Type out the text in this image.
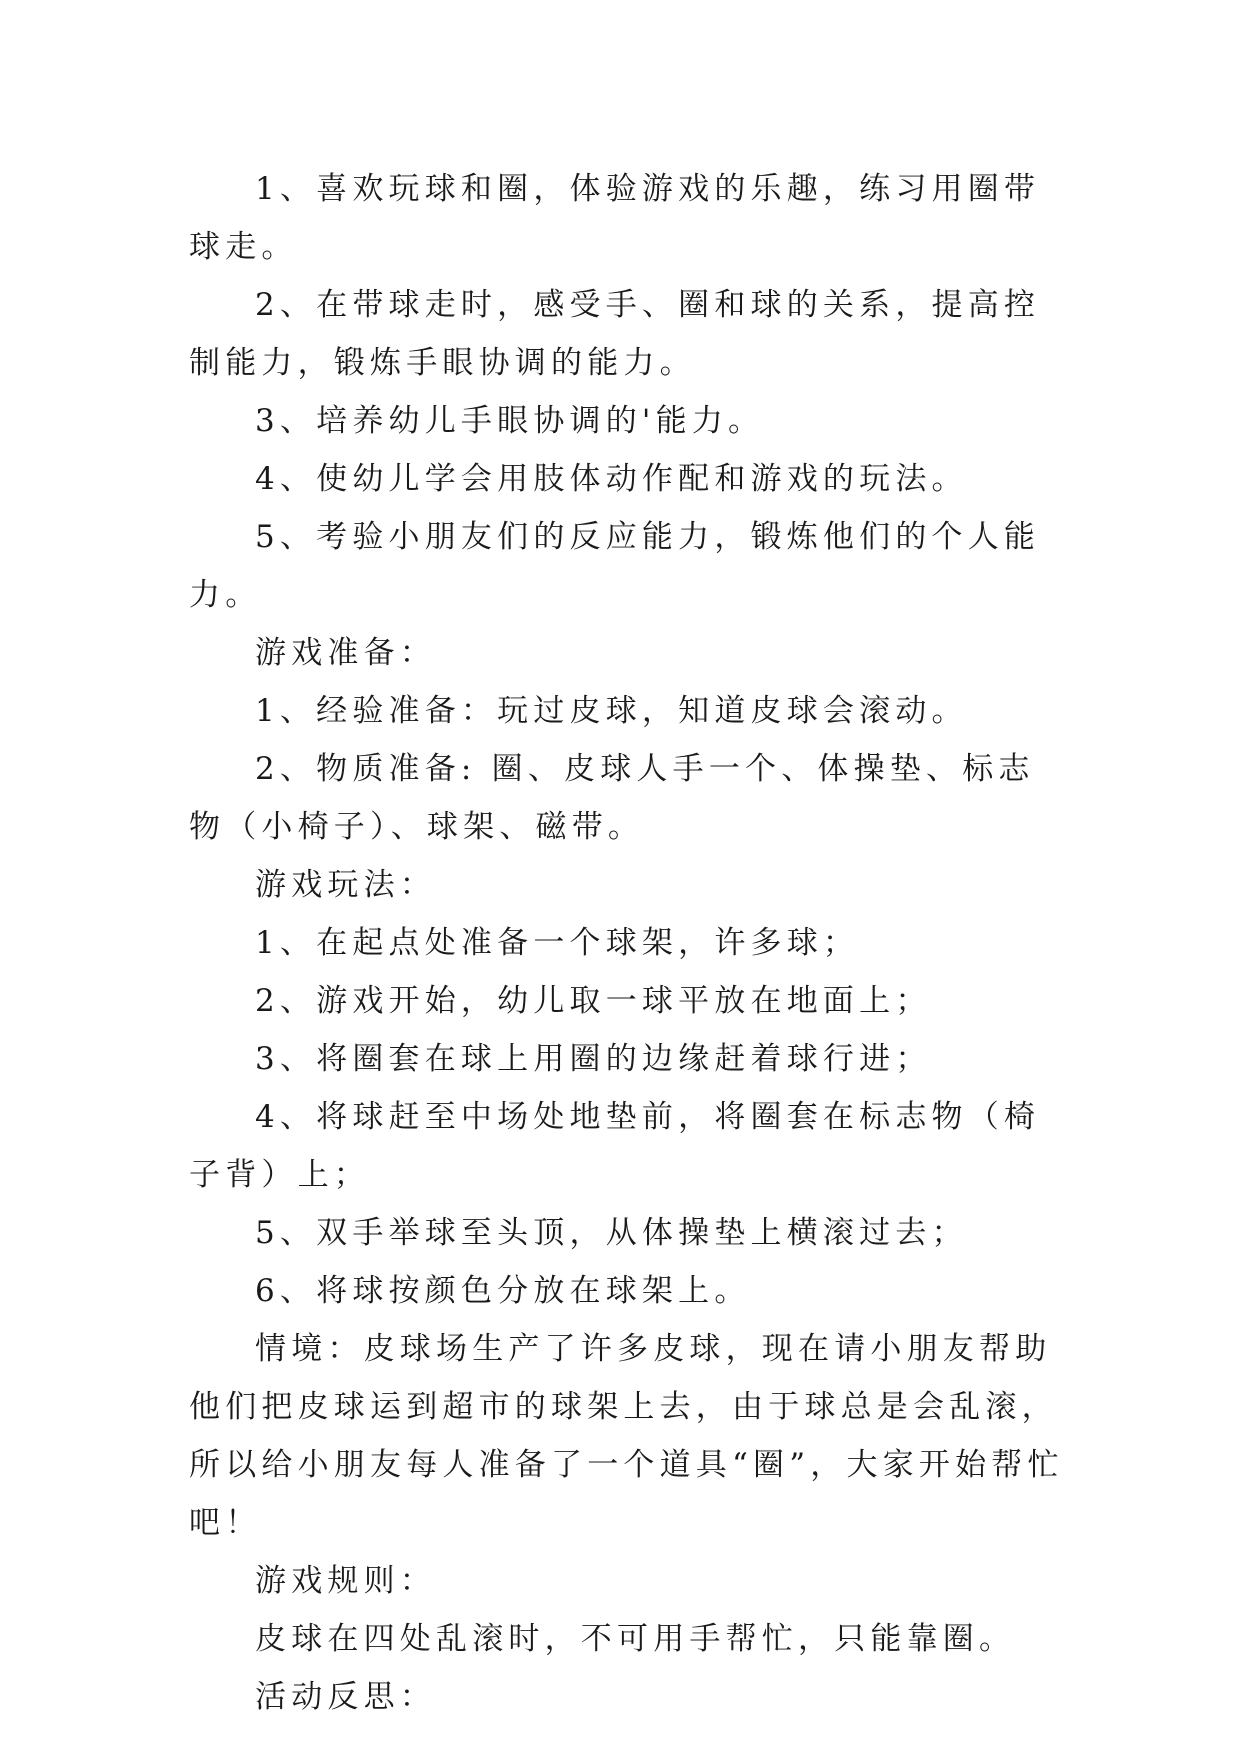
1、喜欢玩球和圈，体验游戏的乐趣，练习用圈带球走。

2、在带球走时，感受手、圈和球的关系，提高控制能力，锻炼手眼协调的能力。

3、培养幼儿手眼协调的'能力。

4、使幼儿学会用肢体动作配和游戏的玩法。

5、考验小朋友们的反应能力，锻炼他们的个人能力。

游戏准备：

1、经验准备：玩过皮球，知道皮球会滚动。

2、物质准备: 圈、皮球人手一个、体操垫、标志物（小椅子）、球架、磁带。

游戏玩法：

1、在起点处准备一个球架，许多球；

2、游戏开始，幼儿取一球平放在地面上；

3、将圈套在球上用圈的边缘赶着球行进；

4、将球赶至中场处地垫前，将圈套在标志物（椅子背）上；

5、双手举球至头顶，从体操垫上横滚过去；

6、将球按颜色分放在球架上。

情境：皮球场生产了许多皮球，现在请小朋友帮助他们把皮球运到超市的球架上去，由于球总是会乱滚，所以给小朋友每人准备了一个道具“圈”，大家开始帮忙吧！

游戏规则：

皮球在四处乱滚时，不可用手帮忙，只能靠圈。

活动反思：
